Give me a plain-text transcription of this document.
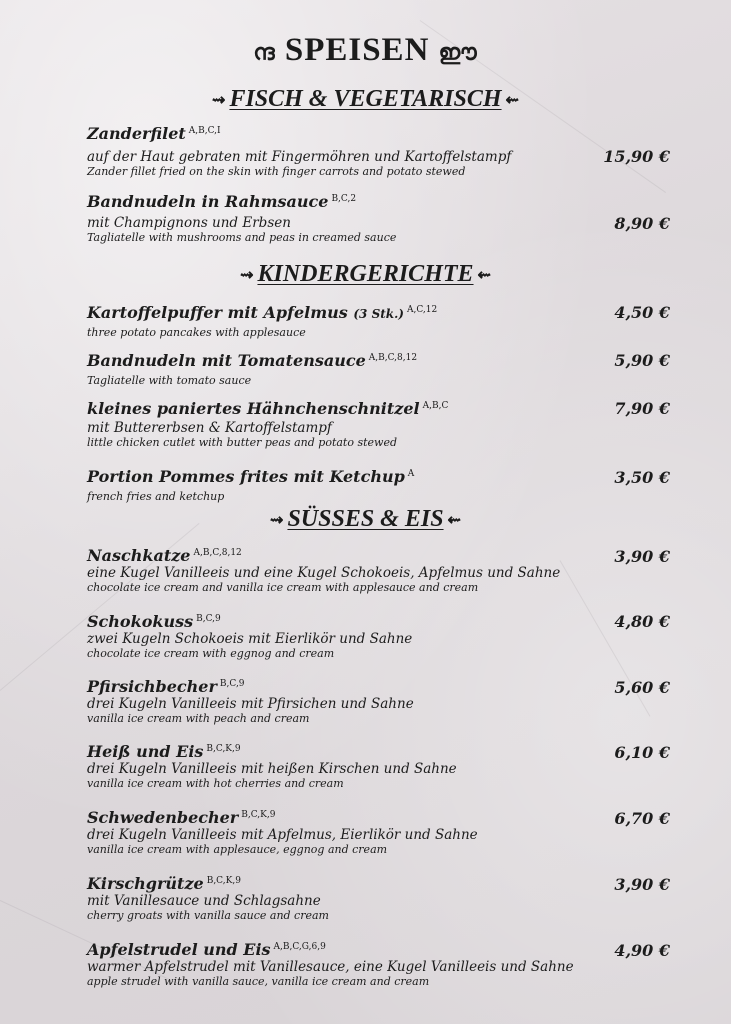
ന്ദ SPEISEN ഈ
⇝ FISCH & VEGETARISCH ⇜
Zanderfilet $^{A,B,C,I}$
auf der Haut gebraten mit Fingermöhren und Kartoffelstampf
Zander fillet fried on the skin with finger carrots and potato stewed
15,90 €
Bandnudeln in Rahmsauce $^{B,C,2}$
mit Champignons und Erbsen
Tagliatelle with mushrooms and peas in creamed sauce
8,90 €
⇝ KINDERGERICHTE ⇜
Kartoffelpuffer mit Apfelmus (3 Stk.) $^{A,C,12}$
three potato pancakes with applesauce
4,50 €
Bandnudeln mit Tomatensauce $^{A,B,C,8,12}$
Tagliatelle with tomato sauce
5,90 €
kleines paniertes Hähnchenschnitzel $^{A,B,C}$
mit Buttererbsen & Kartoffelstampf
little chicken cutlet with butter peas and potato stewed
7,90 €
Portion Pommes frites mit Ketchup $^A$
french fries and ketchup
3,50 €
⇝ SÜSSES & EIS ⇜
Naschkatze $^{A,B,C,8,12}$
eine Kugel Vanilleeis und eine Kugel Schokoeis, Apfelmus und Sahne
chocolate ice cream and vanilla ice cream with applesauce and cream
3,90 €
Schokokuss $^{B,C,9}$
zwei Kugeln Schokoeis mit Eierlikör und Sahne
chocolate ice cream with eggnog and cream
4,80 €
Pfirsichbecher $^{B,C,9}$
drei Kugeln Vanilleeis mit Pfirsichen und Sahne
vanilla ice cream with peach and cream
5,60 €
Heiß und Eis $^{B,C,K,9}$
drei Kugeln Vanilleeis mit heißen Kirschen und Sahne
vanilla ice cream with hot cherries and cream
6,10 €
Schwedenbecher $^{B,C,K,9}$
drei Kugeln Vanilleeis mit Apfelmus, Eierlikör und Sahne
vanilla ice cream with applesauce, eggnog and cream
6,70 €
Kirschgrütze $^{B,C,K,9}$
mit Vanillesauce und Schlagsahne
cherry groats with vanilla sauce and cream
3,90 €
Apfelstrudel und Eis $^{A,B,C,G,6,9}$
warmer Apfelstrudel mit Vanillesauce, eine Kugel Vanilleeis und Sahne
apple strudel with vanilla sauce, vanilla ice cream and cream
4,90 €
